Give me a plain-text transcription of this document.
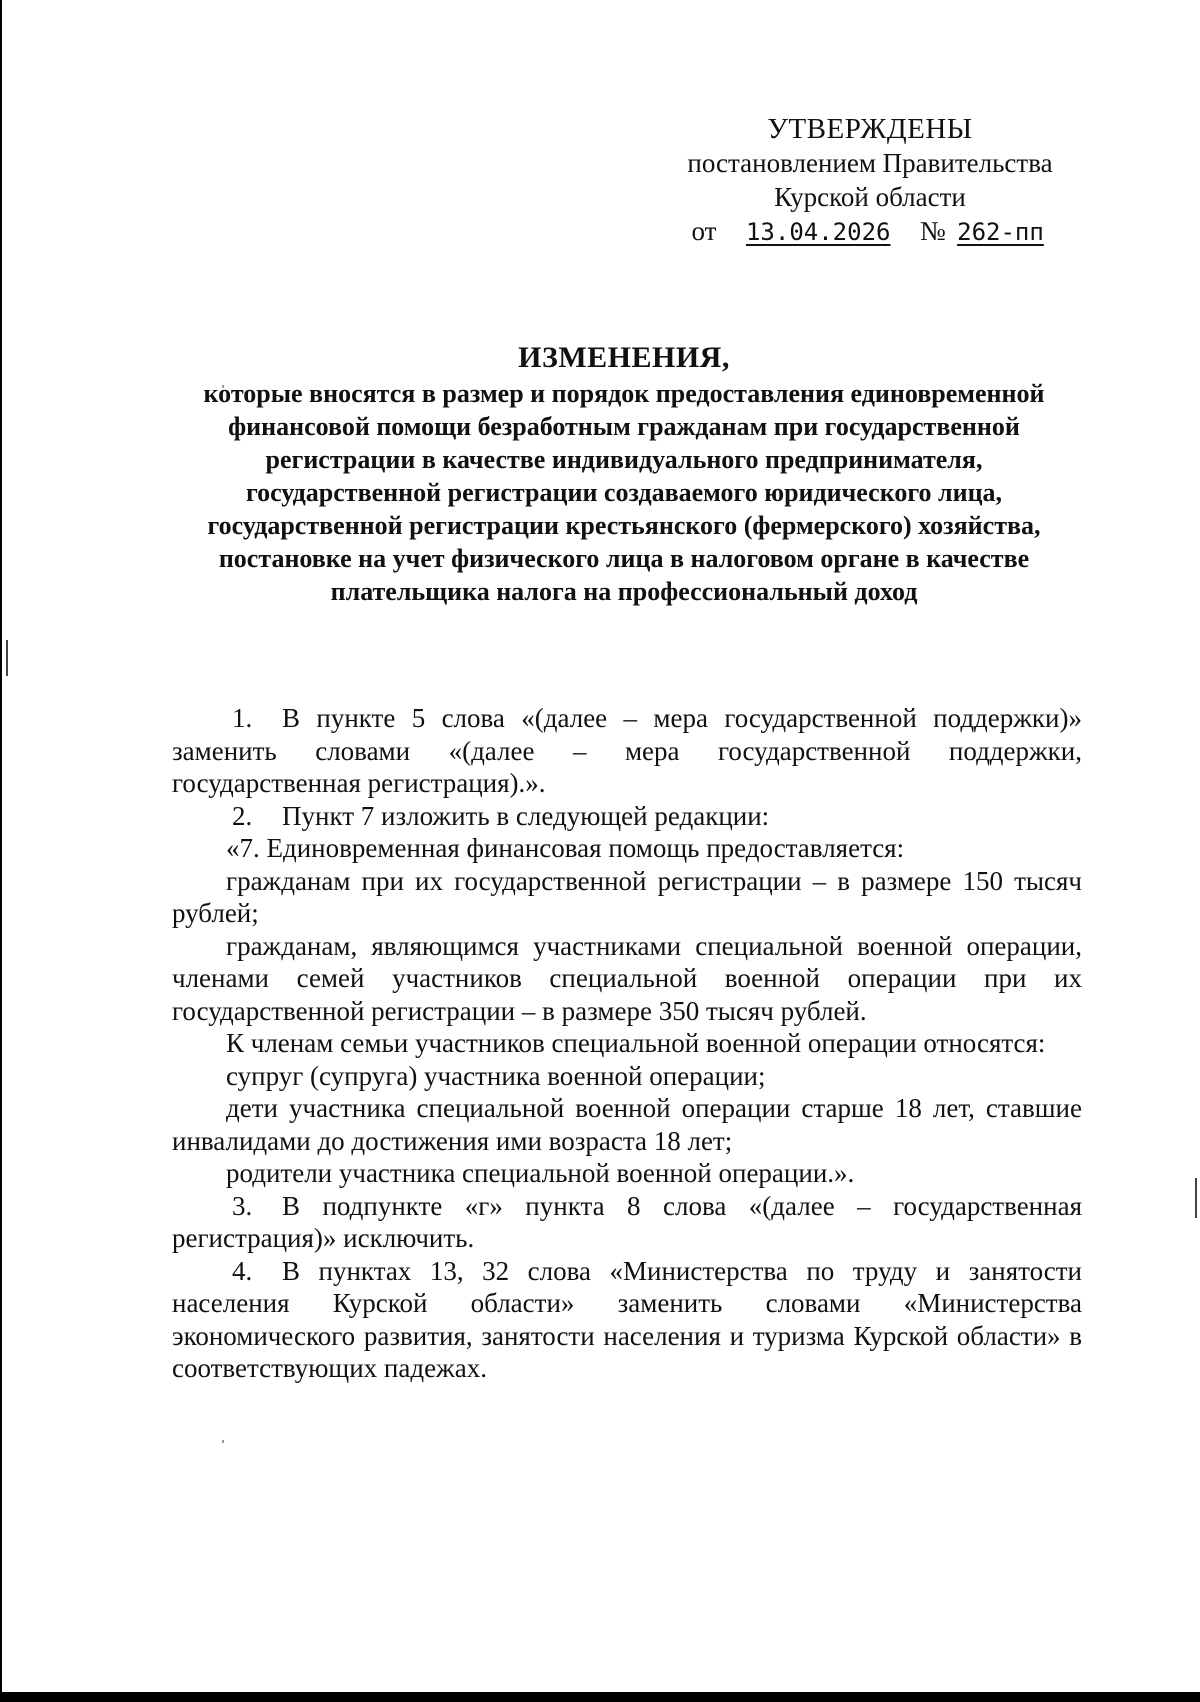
УТВЕРЖДЕНЫ
постановлением Правительства
Курской области
от 13.04.2026 № 262-пп
ИЗМЕНЕНИЯ,
которые вносятся в размер и порядок предоставления единовременной финансовой помощи безработным гражданам при государственной регистрации в качестве индивидуального предпринимателя, государственной регистрации создаваемого юридического лица, государственной регистрации крестьянского (фермерского) хозяйства, постановке на учет физического лица в налоговом органе в качестве плательщика налога на профессиональный доход

1. В пункте 5 слова «(далее – мера государственной поддержки)» заменить словами «(далее – мера государственной поддержки, государственная регистрация).».

2. Пункт 7 изложить в следующей редакции:

«7. Единовременная финансовая помощь предоставляется:

гражданам при их государственной регистрации – в размере 150 тысяч рублей;

гражданам, являющимся участниками специальной военной операции, членами семей участников специальной военной операции при их государственной регистрации – в размере 350 тысяч рублей.

К членам семьи участников специальной военной операции относятся:

супруг (супруга) участника военной операции;

дети участника специальной военной операции старше 18 лет, ставшие инвалидами до достижения ими возраста 18 лет;

родители участника специальной военной операции.».

3. В подпункте «г» пункта 8 слова «(далее – государственная регистрация)» исключить.

4. В пунктах 13, 32 слова «Министерства по труду и занятости населения Курской области» заменить словами «Министерства экономического развития, занятости населения и туризма Курской области» в соответствующих падежах.
